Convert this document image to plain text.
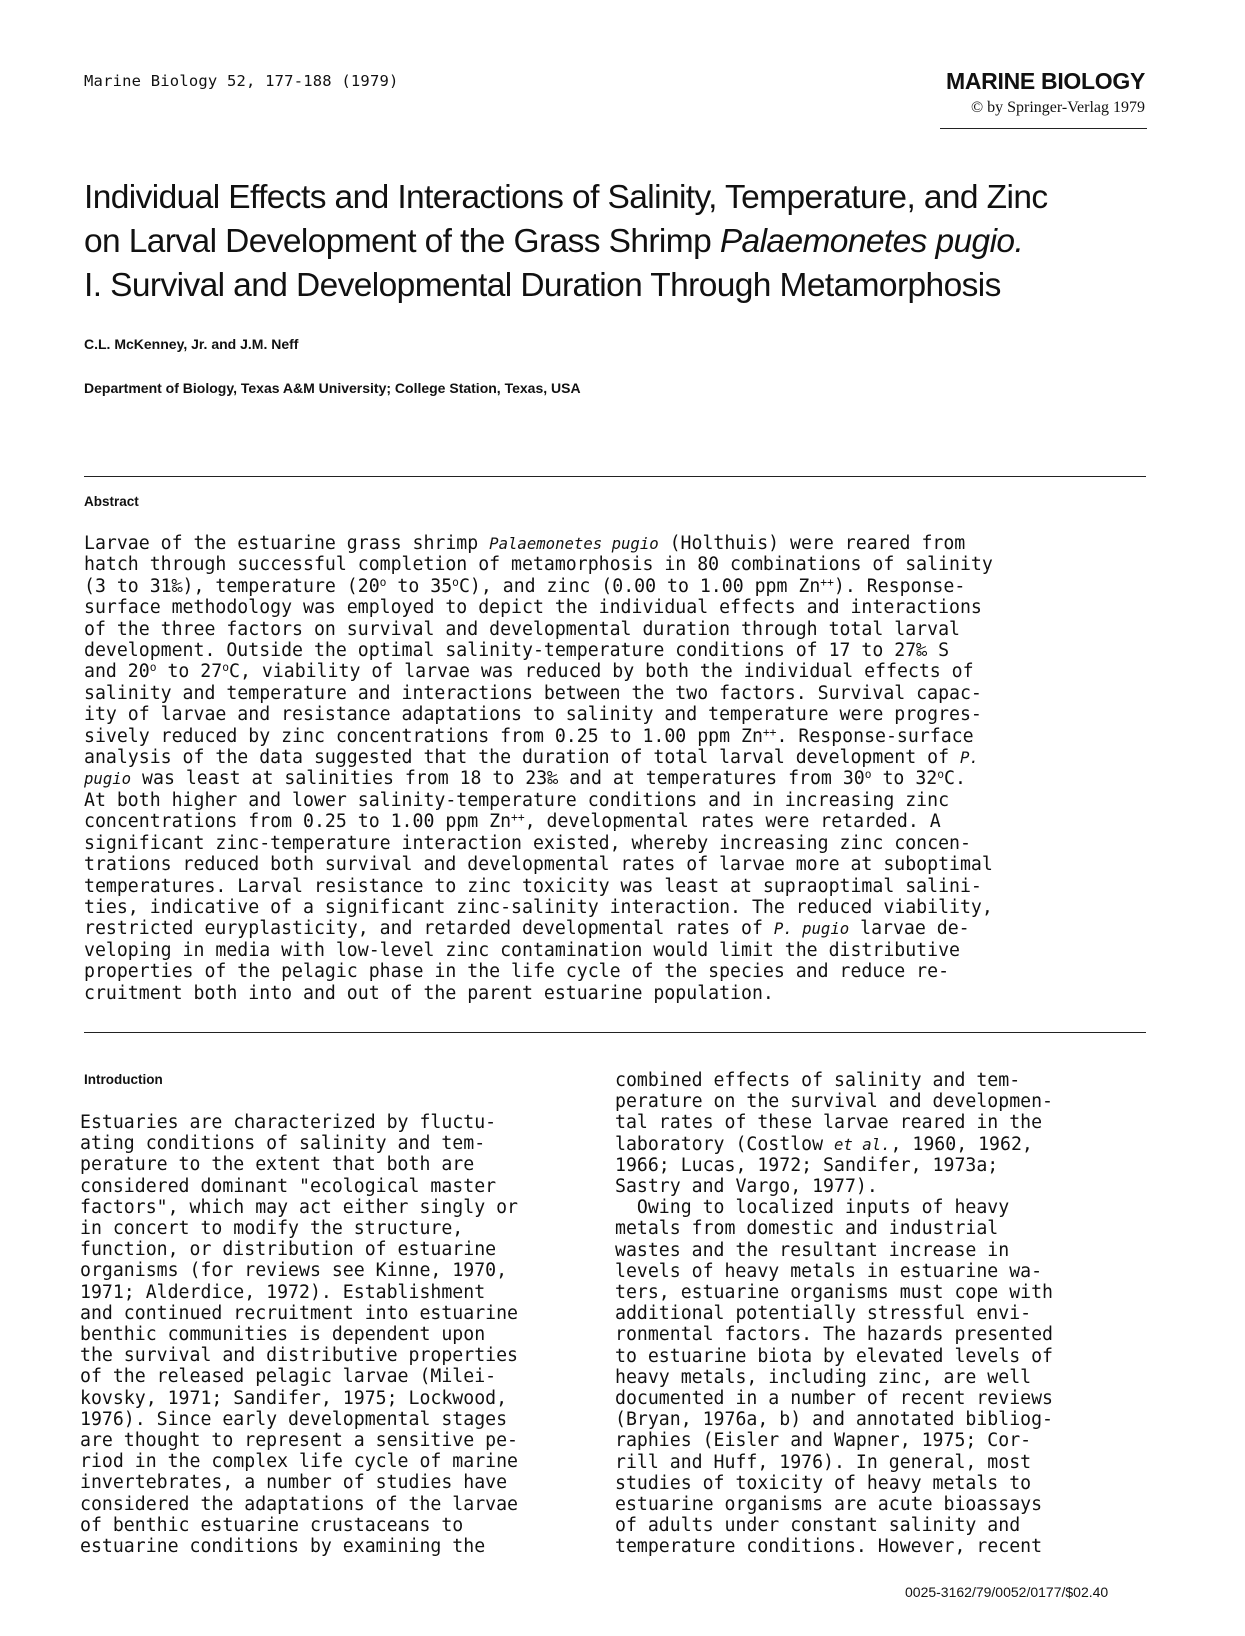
Marine Biology 52, 177-188 (1979)	MARINE BIOLOGY
© by Springer-Verlag 1979
Individual Effects and Interactions of Salinity, Temperature, and Zinc
on Larval Development of the Grass Shrimp Palaemonetes pugio.
I. Survival and Developmental Duration Through Metamorphosis
C.L. McKenney, Jr. and J.M. Neff
Department of Biology, Texas A&M University; College Station, Texas, USA
Abstract
Larvae of the estuarine grass shrimp Palaemonetes pugio (Holthuis) were reared from
hatch through successful completion of metamorphosis in 80 combinations of salinity
(3 to 31‰), temperature (20$^o$ to 35$^o$C), and zinc (0.00 to 1.00 ppm Zn++). Response-
surface methodology was employed to depict the individual effects and interactions
of the three factors on survival and developmental duration through total larval
development. Outside the optimal salinity-temperature conditions of 17 to 27‰ S
and 20$^o$ to 27$^o$C, viability of larvae was reduced by both the individual effects of
salinity and temperature and interactions between the two factors. Survival capac-
ity of larvae and resistance adaptations to salinity and temperature were progres-
sively reduced by zinc concentrations from 0.25 to 1.00 ppm Zn++. Response-surface
analysis of the data suggested that the duration of total larval development of P.
pugio was least at salinities from 18 to 23‰ and at temperatures from 30$^o$ to 32$^o$C.
At both higher and lower salinity-temperature conditions and in increasing zinc
concentrations from 0.25 to 1.00 ppm Zn++, developmental rates were retarded. A
significant zinc-temperature interaction existed, whereby increasing zinc concen-
trations reduced both survival and developmental rates of larvae more at suboptimal
temperatures. Larval resistance to zinc toxicity was least at supraoptimal salini-
ties, indicative of a significant zinc-salinity interaction. The reduced viability,
restricted euryplasticity, and retarded developmental rates of P. pugio larvae de-
veloping in media with low-level zinc contamination would limit the distributive
properties of the pelagic phase in the life cycle of the species and reduce re-
cruitment both into and out of the parent estuarine population.
Introduction
Estuaries are characterized by fluctu-
ating conditions of salinity and tem-
perature to the extent that both are
considered dominant "ecological master
factors", which may act either singly or
in concert to modify the structure,
function, or distribution of estuarine
organisms (for reviews see Kinne, 1970,
1971; Alderdice, 1972). Establishment
and continued recruitment into estuarine
benthic communities is dependent upon
the survival and distributive properties
of the released pelagic larvae (Milei-
kovsky, 1971; Sandifer, 1975; Lockwood,
1976). Since early developmental stages
are thought to represent a sensitive pe-
riod in the complex life cycle of marine
invertebrates, a number of studies have
considered the adaptations of the larvae
of benthic estuarine crustaceans to
estuarine conditions by examining the
combined effects of salinity and tem-
perature on the survival and developmen-
tal rates of these larvae reared in the
laboratory (Costlow et al., 1960, 1962,
1966; Lucas, 1972; Sandifer, 1973a;
Sastry and Vargo, 1977).
Owing to localized inputs of heavy
metals from domestic and industrial
wastes and the resultant increase in
levels of heavy metals in estuarine wa-
ters, estuarine organisms must cope with
additional potentially stressful envi-
ronmental factors. The hazards presented
to estuarine biota by elevated levels of
heavy metals, including zinc, are well
documented in a number of recent reviews
(Bryan, 1976a, b) and annotated bibliog-
raphies (Eisler and Wapner, 1975; Cor-
rill and Huff, 1976). In general, most
studies of toxicity of heavy metals to
estuarine organisms are acute bioassays
of adults under constant salinity and
temperature conditions. However, recent
0025-3162/79/0052/0177/$02.40
